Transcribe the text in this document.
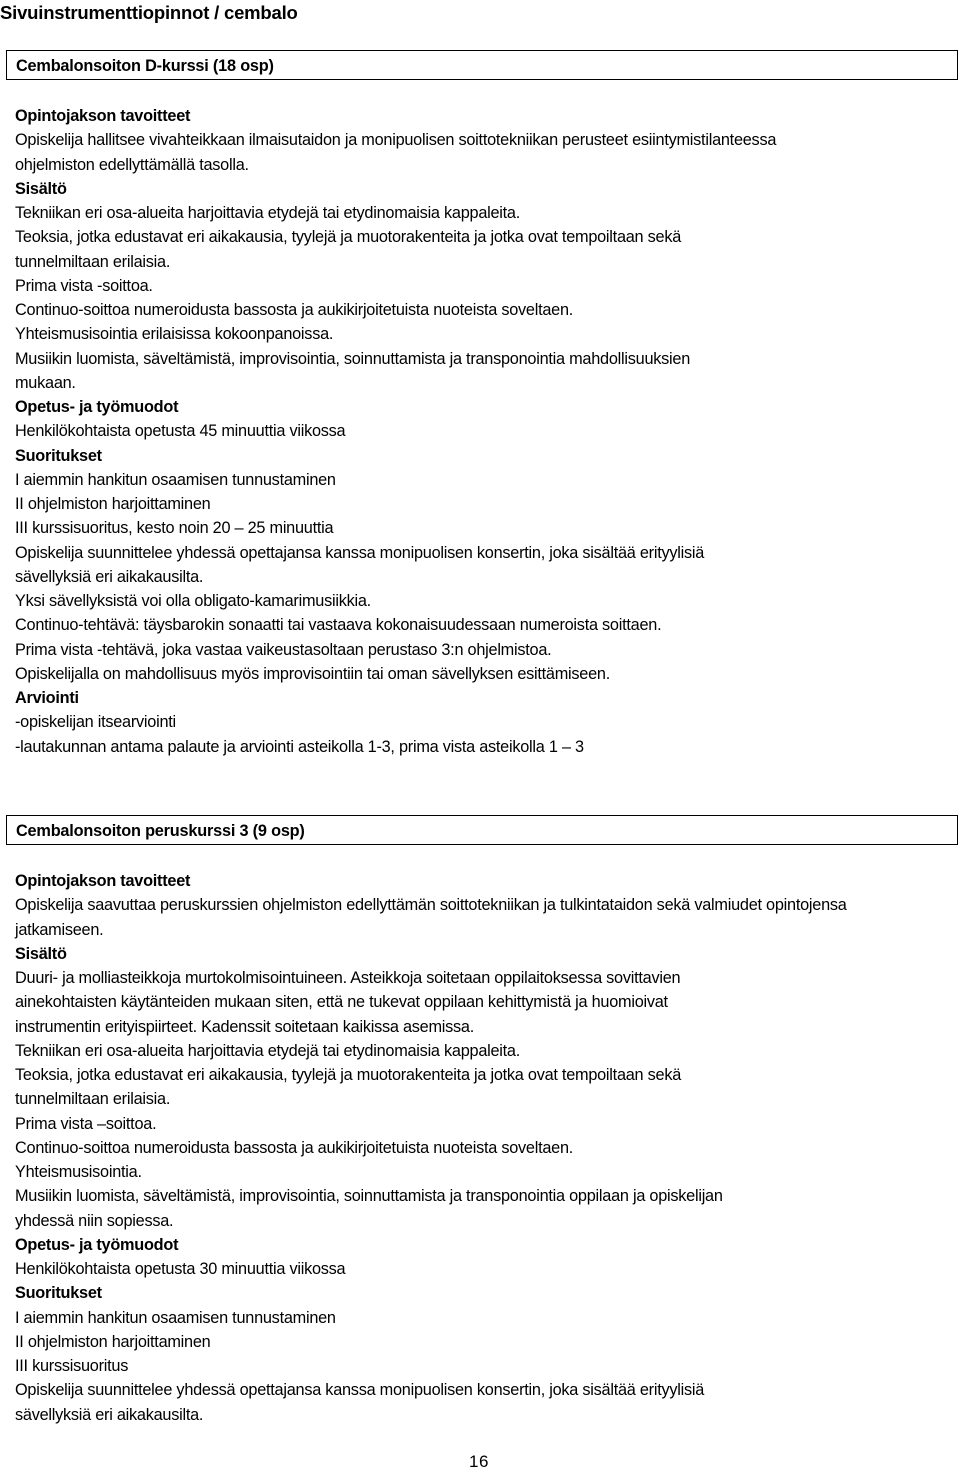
Sivuinstrumenttiopinnot / cembalo
Cembalonsoiton D-kurssi (18 osp)
Opintojakson tavoitteet
Opiskelija hallitsee vivahteikkaan ilmaisutaidon ja monipuolisen soittotekniikan perusteet esiintymistilanteessa
ohjelmiston edellyttämällä tasolla.
Sisältö
Tekniikan eri osa-alueita harjoittavia etydejä tai etydinomaisia kappaleita.
Teoksia, jotka edustavat eri aikakausia, tyylejä ja muotorakenteita ja jotka ovat tempoiltaan sekä
tunnelmiltaan erilaisia.
Prima vista -soittoa.
Continuo-soittoa numeroidusta bassosta ja aukikirjoitetuista nuoteista soveltaen.
Yhteismusisointia erilaisissa kokoonpanoissa.
Musiikin luomista, säveltämistä, improvisointia, soinnuttamista ja transponointia mahdollisuuksien
mukaan.
Opetus- ja työmuodot
Henkilökohtaista opetusta 45 minuuttia viikossa
Suoritukset
I aiemmin hankitun osaamisen tunnustaminen
II ohjelmiston harjoittaminen
III kurssisuoritus, kesto noin 20 – 25 minuuttia
Opiskelija suunnittelee yhdessä opettajansa kanssa monipuolisen konsertin, joka sisältää erityylisiä
sävellyksiä eri aikakausilta.
Yksi sävellyksistä voi olla obligato-kamarimusiikkia.
Continuo-tehtävä: täysbarokin sonaatti tai vastaava kokonaisuudessaan numeroista soittaen.
Prima vista -tehtävä, joka vastaa vaikeustasoltaan perustaso 3:n ohjelmistoa.
Opiskelijalla on mahdollisuus myös improvisointiin tai oman sävellyksen esittämiseen.
Arviointi
-opiskelijan itsearviointi
-lautakunnan antama palaute ja arviointi asteikolla 1-3, prima vista asteikolla 1 – 3
Cembalonsoiton peruskurssi 3 (9 osp)
Opintojakson tavoitteet
Opiskelija saavuttaa peruskurssien ohjelmiston edellyttämän soittotekniikan ja tulkintataidon sekä valmiudet opintojensa
jatkamiseen.
Sisältö
Duuri- ja molliasteikkoja murtokolmisointuineen. Asteikkoja soitetaan oppilaitoksessa sovittavien
ainekohtaisten käytänteiden mukaan siten, että ne tukevat oppilaan kehittymistä ja huomioivat
instrumentin erityispiirteet. Kadenssit soitetaan kaikissa asemissa.
Tekniikan eri osa-alueita harjoittavia etydejä tai etydinomaisia kappaleita.
Teoksia, jotka edustavat eri aikakausia, tyylejä ja muotorakenteita ja jotka ovat tempoiltaan sekä
tunnelmiltaan erilaisia.
Prima vista –soittoa.
Continuo-soittoa numeroidusta bassosta ja aukikirjoitetuista nuoteista soveltaen.
Yhteismusisointia.
Musiikin luomista, säveltämistä, improvisointia, soinnuttamista ja transponointia oppilaan ja opiskelijan
yhdessä niin sopiessa.
Opetus- ja työmuodot
Henkilökohtaista opetusta 30 minuuttia viikossa
Suoritukset
I aiemmin hankitun osaamisen tunnustaminen
II ohjelmiston harjoittaminen
III kurssisuoritus
Opiskelija suunnittelee yhdessä opettajansa kanssa monipuolisen konsertin, joka sisältää erityylisiä
sävellyksiä eri aikakausilta.
16
